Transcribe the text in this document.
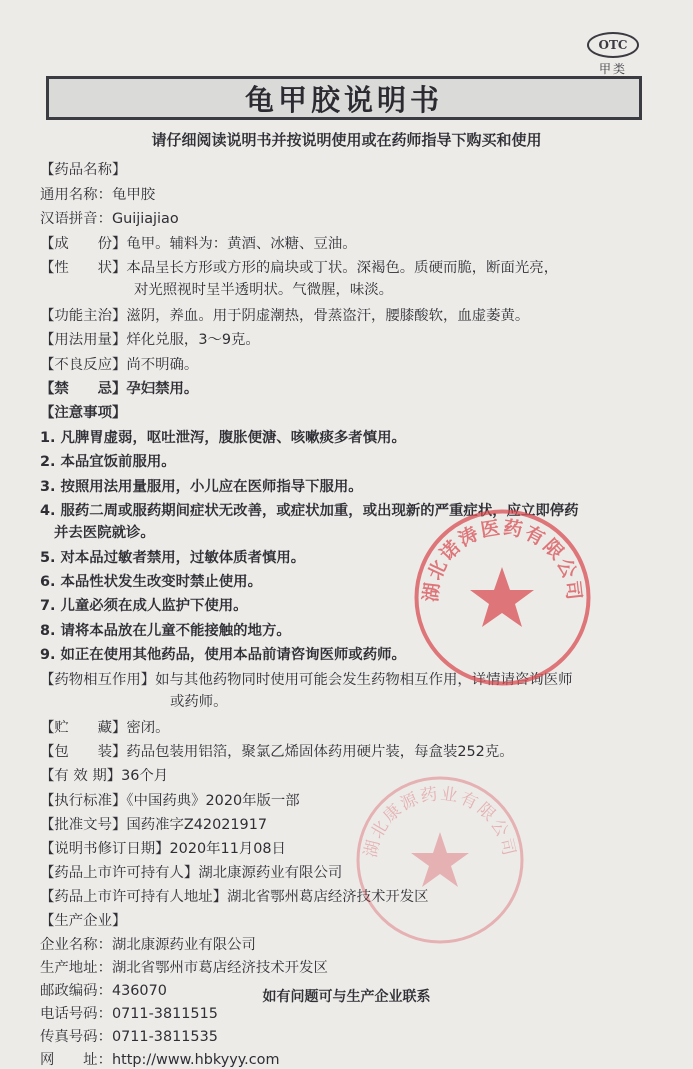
OTC
甲类
龟甲胶说明书
请仔细阅读说明书并按说明使用或在药师指导下购买和使用
【药品名称】
通用名称：龟甲胶
汉语拼音：Guijiajiao
【成　　份】龟甲。辅料为：黄酒、冰糖、豆油。
【性　　状】本品呈长方形或方形的扁块或丁状。深褐色。质硬而脆，断面光亮，
对光照视时呈半透明状。气微腥，味淡。
【功能主治】滋阴，养血。用于阴虚潮热，骨蒸盗汗，腰膝酸软，血虚萎黄。
【用法用量】烊化兑服，3～9克。
【不良反应】尚不明确。
【禁　　忌】孕妇禁用。
【注意事项】
1. 凡脾胃虚弱，呕吐泄泻，腹胀便溏、咳嗽痰多者慎用。
2. 本品宜饭前服用。
3. 按照用法用量服用，小儿应在医师指导下服用。
4. 服药二周或服药期间症状无改善，或症状加重，或出现新的严重症状，应立即停药
并去医院就诊。
5. 对本品过敏者禁用，过敏体质者慎用。
6. 本品性状发生改变时禁止使用。
7. 儿童必须在成人监护下使用。
8. 请将本品放在儿童不能接触的地方。
9. 如正在使用其他药品，使用本品前请咨询医师或药师。
【药物相互作用】如与其他药物同时使用可能会发生药物相互作用，详情请咨询医师
或药师。
【贮　　藏】密闭。
【包　　装】药品包装用铝箔，聚氯乙烯固体药用硬片装，每盒装252克。
【有 效 期】36个月
【执行标准】《中国药典》2020年版一部
【批准文号】国药准字Z42021917
【说明书修订日期】2020年11月08日
【药品上市许可持有人】湖北康源药业有限公司
【药品上市许可持有人地址】湖北省鄂州葛店经济技术开发区
【生产企业】
企业名称：湖北康源药业有限公司
生产地址：湖北省鄂州市葛店经济技术开发区
邮政编码：436070
电话号码：0711-3811515
传真号码：0711-3811535
网　　址：http://www.hbkyyy.com
如有问题可与生产企业联系
湖北诺涛医药有限公司
湖北康源药业有限公司
